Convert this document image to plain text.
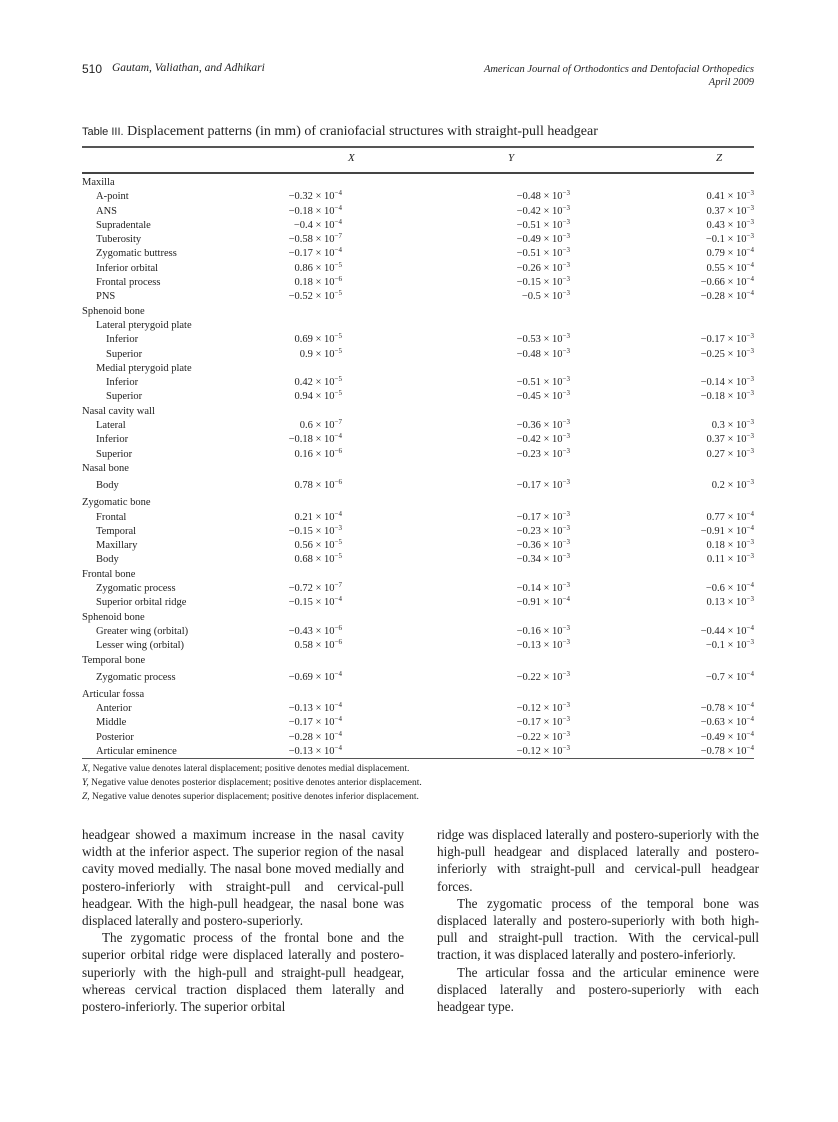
510 Gautam, Valiathan, and Adhikari	American Journal of Orthodontics and Dentofacial Orthopedics
April 2009
Table III. Displacement patterns (in mm) of craniofacial structures with straight-pull headgear
X	Y	Z
Maxilla
A-point	$-0.32 \times 10^{-4}$	$-0.48 \times 10^{-3}$	$0.41 \times 10^{-3}$
ANS	$-0.18 \times 10^{-4}$	$-0.42 \times 10^{-3}$	$0.37 \times 10^{-3}$
Supradentale	$-0.4 \times 10^{-4}$	$-0.51 \times 10^{-3}$	$0.43 \times 10^{-3}$
Tuberosity	$-0.58 \times 10^{-7}$	$-0.49 \times 10^{-3}$	$-0.1 \times 10^{-3}$
Zygomatic buttress	$-0.17 \times 10^{-4}$	$-0.51 \times 10^{-3}$	$0.79 \times 10^{-4}$
Inferior orbital	$0.86 \times 10^{-5}$	$-0.26 \times 10^{-3}$	$0.55 \times 10^{-4}$
Frontal process	$0.18 \times 10^{-6}$	$-0.15 \times 10^{-3}$	$-0.66 \times 10^{-4}$
PNS	$-0.52 \times 10^{-5}$	$-0.5 \times 10^{-3}$	$-0.28 \times 10^{-4}$
Sphenoid bone
Lateral pterygoid plate
Inferior	$0.69 \times 10^{-5}$	$-0.53 \times 10^{-3}$	$-0.17 \times 10^{-3}$
Superior	$0.9 \times 10^{-5}$	$-0.48 \times 10^{-3}$	$-0.25 \times 10^{-3}$
Medial pterygoid plate
Inferior	$0.42 \times 10^{-5}$	$-0.51 \times 10^{-3}$	$-0.14 \times 10^{-3}$
Superior	$0.94 \times 10^{-5}$	$-0.45 \times 10^{-3}$	$-0.18 \times 10^{-3}$
Nasal cavity wall
Lateral	$0.6 \times 10^{-7}$	$-0.36 \times 10^{-3}$	$0.3 \times 10^{-3}$
Inferior	$-0.18 \times 10^{-4}$	$-0.42 \times 10^{-3}$	$0.37 \times 10^{-3}$
Superior	$0.16 \times 10^{-6}$	$-0.23 \times 10^{-3}$	$0.27 \times 10^{-3}$
Nasal bone
Body	$0.78 \times 10^{-6}$	$-0.17 \times 10^{-3}$	$0.2 \times 10^{-3}$
Zygomatic bone
Frontal	$0.21 \times 10^{-4}$	$-0.17 \times 10^{-3}$	$0.77 \times 10^{-4}$
Temporal	$-0.15 \times 10^{-3}$	$-0.23 \times 10^{-3}$	$-0.91 \times 10^{-4}$
Maxillary	$0.56 \times 10^{-5}$	$-0.36 \times 10^{-3}$	$0.18 \times 10^{-3}$
Body	$0.68 \times 10^{-5}$	$-0.34 \times 10^{-3}$	$0.11 \times 10^{-3}$
Frontal bone
Zygomatic process	$-0.72 \times 10^{-7}$	$-0.14 \times 10^{-3}$	$-0.6 \times 10^{-4}$
Superior orbital ridge	$-0.15 \times 10^{-4}$	$-0.91 \times 10^{-4}$	$0.13 \times 10^{-3}$
Sphenoid bone
Greater wing (orbital)	$-0.43 \times 10^{-6}$	$-0.16 \times 10^{-3}$	$-0.44 \times 10^{-4}$
Lesser wing (orbital)	$0.58 \times 10^{-6}$	$-0.13 \times 10^{-3}$	$-0.1 \times 10^{-3}$
Temporal bone
Zygomatic process	$-0.69 \times 10^{-4}$	$-0.22 \times 10^{-3}$	$-0.7 \times 10^{-4}$
Articular fossa
Anterior	$-0.13 \times 10^{-4}$	$-0.12 \times 10^{-3}$	$-0.78 \times 10^{-4}$
Middle	$-0.17 \times 10^{-4}$	$-0.17 \times 10^{-3}$	$-0.63 \times 10^{-4}$
Posterior	$-0.28 \times 10^{-4}$	$-0.22 \times 10^{-3}$	$-0.49 \times 10^{-4}$
Articular eminence	$-0.13 \times 10^{-4}$	$-0.12 \times 10^{-3}$	$-0.78 \times 10^{-4}$
X, Negative value denotes lateral displacement; positive denotes medial displacement.
Y, Negative value denotes posterior displacement; positive denotes anterior displacement.
Z, Negative value denotes superior displacement; positive denotes inferior displacement.

headgear showed a maximum increase in the nasal cavity width at the inferior aspect. The superior region of the nasal cavity moved medially. The nasal bone moved medially and postero-inferiorly with straight-pull and cervical-pull headgear. With the high-pull headgear, the nasal bone was displaced laterally and postero-superiorly.

The zygomatic process of the frontal bone and the superior orbital ridge were displaced laterally and postero-superiorly with the high-pull and straight-pull headgear, whereas cervical traction displaced them laterally and postero-inferiorly. The superior orbital

ridge was displaced laterally and postero-superiorly with the high-pull headgear and displaced laterally and postero-inferiorly with straight-pull and cervical-pull headgear forces.

The zygomatic process of the temporal bone was displaced laterally and postero-superiorly with both high-pull and straight-pull traction. With the cervical-pull traction, it was displaced laterally and postero-inferiorly.

The articular fossa and the articular eminence were displaced laterally and postero-superiorly with each headgear type.
